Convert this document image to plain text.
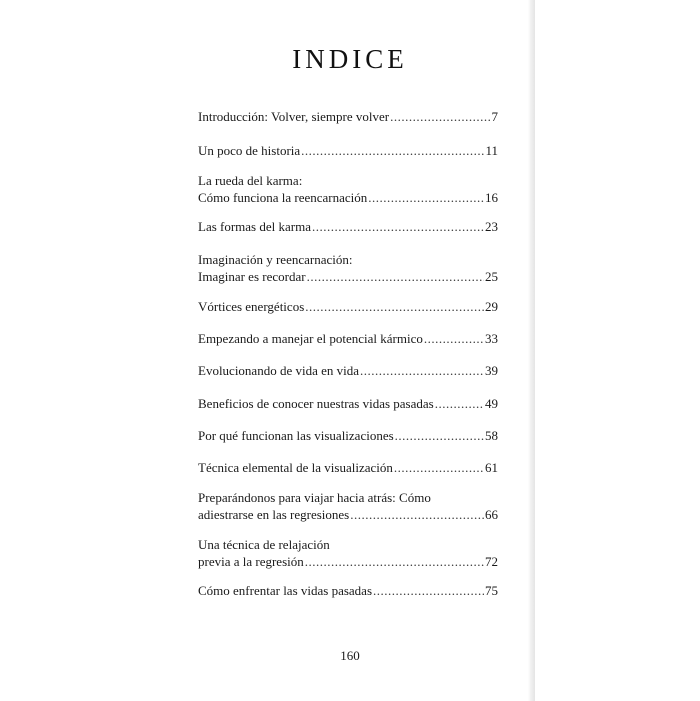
INDICE
Introducción: Volver, siempre volver .....	7
Un poco de historia .....	11
La rueda del karma:
Cómo funciona la reencarnación .....	16
Las formas del karma .....	23
Imaginación y reencarnación:
Imaginar es recordar .....	25
Vórtices energéticos .....	29
Empezando a manejar el potencial kármico .....	33
Evolucionando de vida en vida .....	39
Beneficios de conocer nuestras vidas pasadas .....	49
Por qué funcionan las visualizaciones .....	58
Técnica elemental de la visualización .....	61
Preparándonos para viajar hacia atrás: Cómo
adiestrarse en las regresiones .....	66
Una técnica de relajación
previa a la regresión .....	72
Cómo enfrentar las vidas pasadas .....	75
160
